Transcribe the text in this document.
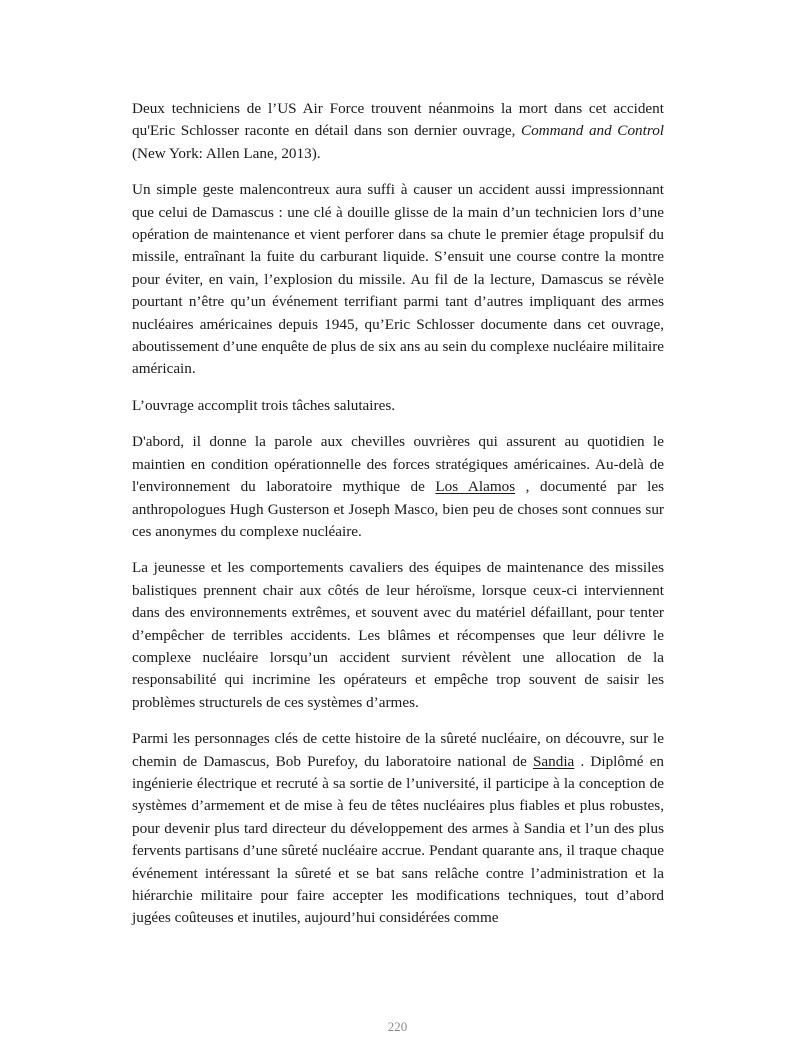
Deux techniciens de l’US Air Force trouvent néanmoins la mort dans cet accident qu'Eric Schlosser raconte en détail dans son dernier ouvrage, Command and Control (New York: Allen Lane, 2013).

Un simple geste malencontreux aura suffi à causer un accident aussi impressionnant que celui de Damascus : une clé à douille glisse de la main d’un technicien lors d’une opération de maintenance et vient perforer dans sa chute le premier étage propulsif du missile, entraînant la fuite du carburant liquide. S’ensuit une course contre la montre pour éviter, en vain, l’explosion du missile. Au fil de la lecture, Damascus se révèle pourtant n’être qu’un événement terrifiant parmi tant d’autres impliquant des armes nucléaires américaines depuis 1945, qu’Eric Schlosser documente dans cet ouvrage, aboutissement d’une enquête de plus de six ans au sein du complexe nucléaire militaire américain.

L’ouvrage accomplit trois tâches salutaires.

D'abord, il donne la parole aux chevilles ouvrières qui assurent au quotidien le maintien en condition opérationnelle des forces stratégiques américaines. Au-delà de l'environnement du laboratoire mythique de Los Alamos , documenté par les anthropologues Hugh Gusterson et Joseph Masco, bien peu de choses sont connues sur ces anonymes du complexe nucléaire.

La jeunesse et les comportements cavaliers des équipes de maintenance des missiles balistiques prennent chair aux côtés de leur héroïsme, lorsque ceux-ci interviennent dans des environnements extrêmes, et souvent avec du matériel défaillant, pour tenter d’empêcher de terribles accidents. Les blâmes et récompenses que leur délivre le complexe nucléaire lorsqu’un accident survient révèlent une allocation de la responsabilité qui incrimine les opérateurs et empêche trop souvent de saisir les problèmes structurels de ces systèmes d’armes.

Parmi les personnages clés de cette histoire de la sûreté nucléaire, on découvre, sur le chemin de Damascus, Bob Purefoy, du laboratoire national de Sandia . Diplômé en ingénierie électrique et recruté à sa sortie de l’université, il participe à la conception de systèmes d’armement et de mise à feu de têtes nucléaires plus fiables et plus robustes, pour devenir plus tard directeur du développement des armes à Sandia et l’un des plus fervents partisans d’une sûreté nucléaire accrue. Pendant quarante ans, il traque chaque événement intéressant la sûreté et se bat sans relâche contre l’administration et la hiérarchie militaire pour faire accepter les modifications techniques, tout d’abord jugées coûteuses et inutiles, aujourd’hui considérées comme

220
